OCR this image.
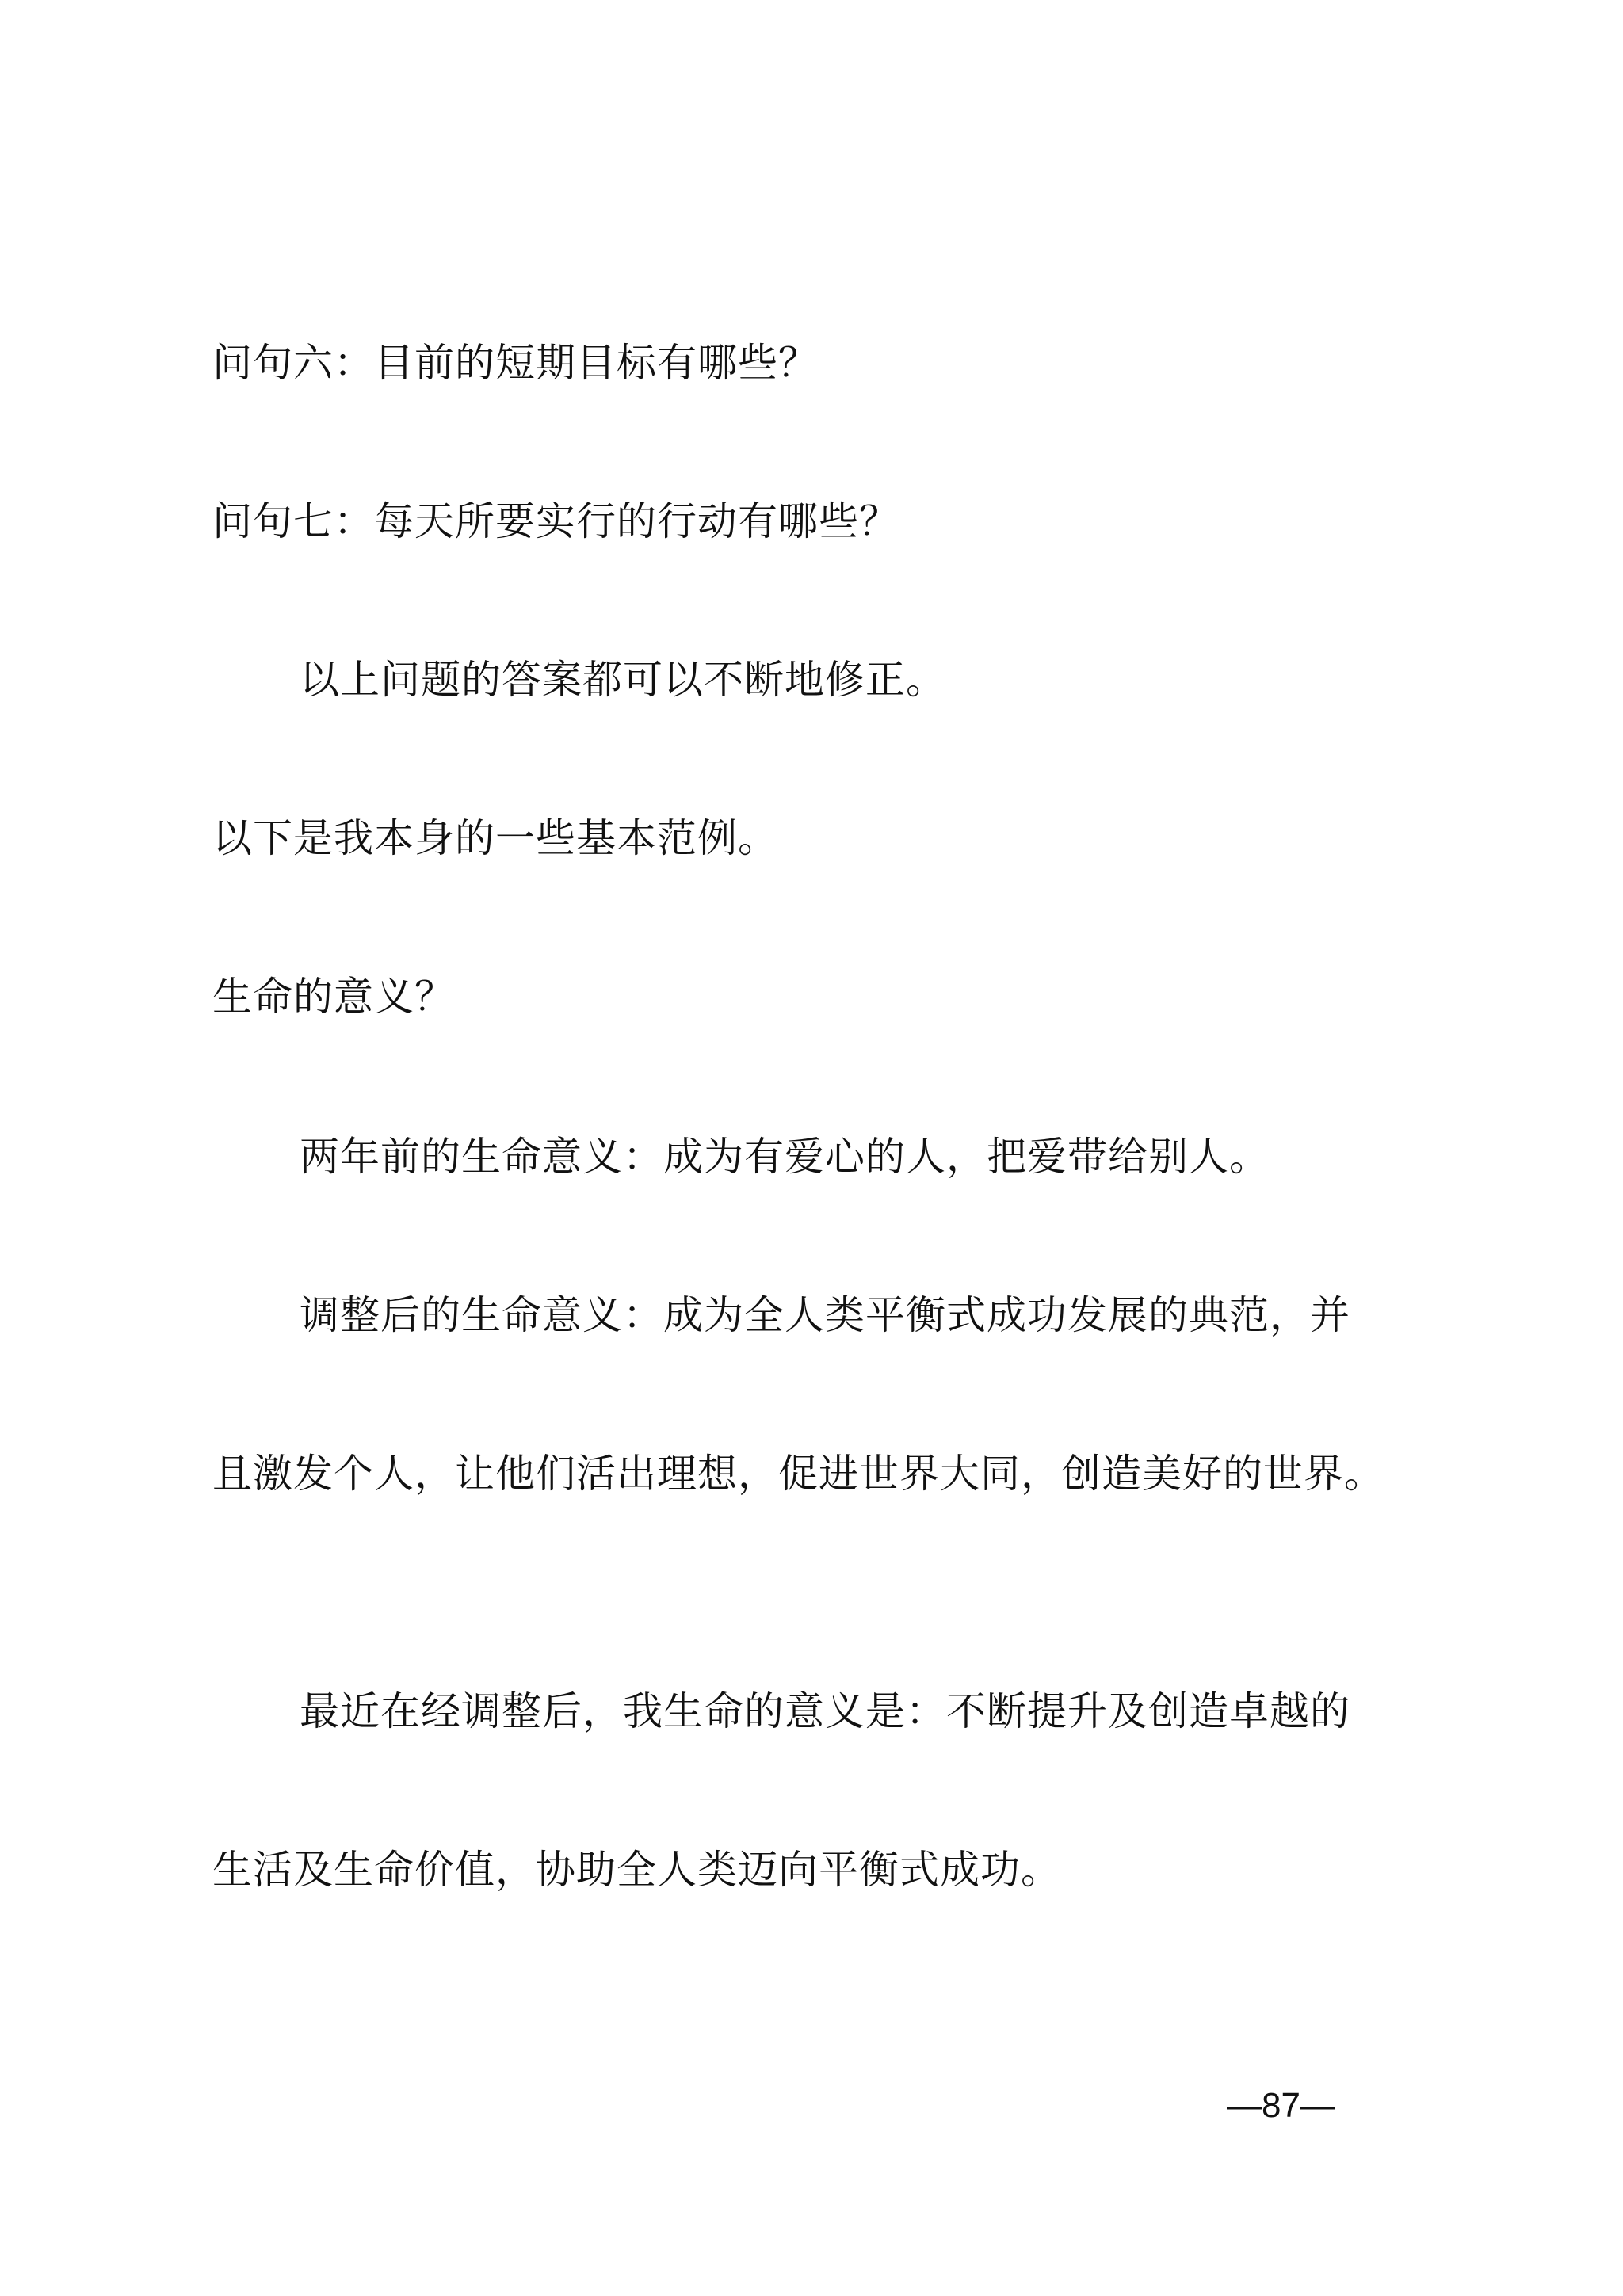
问句六：目前的短期目标有哪些？
问句七：每天所要实行的行动有哪些？
以上问题的答案都可以不断地修正。
以下是我本身的一些基本范例。
生命的意义？
两年前的生命意义：成为有爱心的人，把爱带给别人。
调整后的生命意义：成为全人类平衡式成功发展的典范，并
且激发个人，让他们活出理想，促进世界大同，创造美好的世界。
最近在经调整后，我生命的意义是：不断提升及创造卓越的
生活及生命价值，协助全人类迈向平衡式成功。
—87—
